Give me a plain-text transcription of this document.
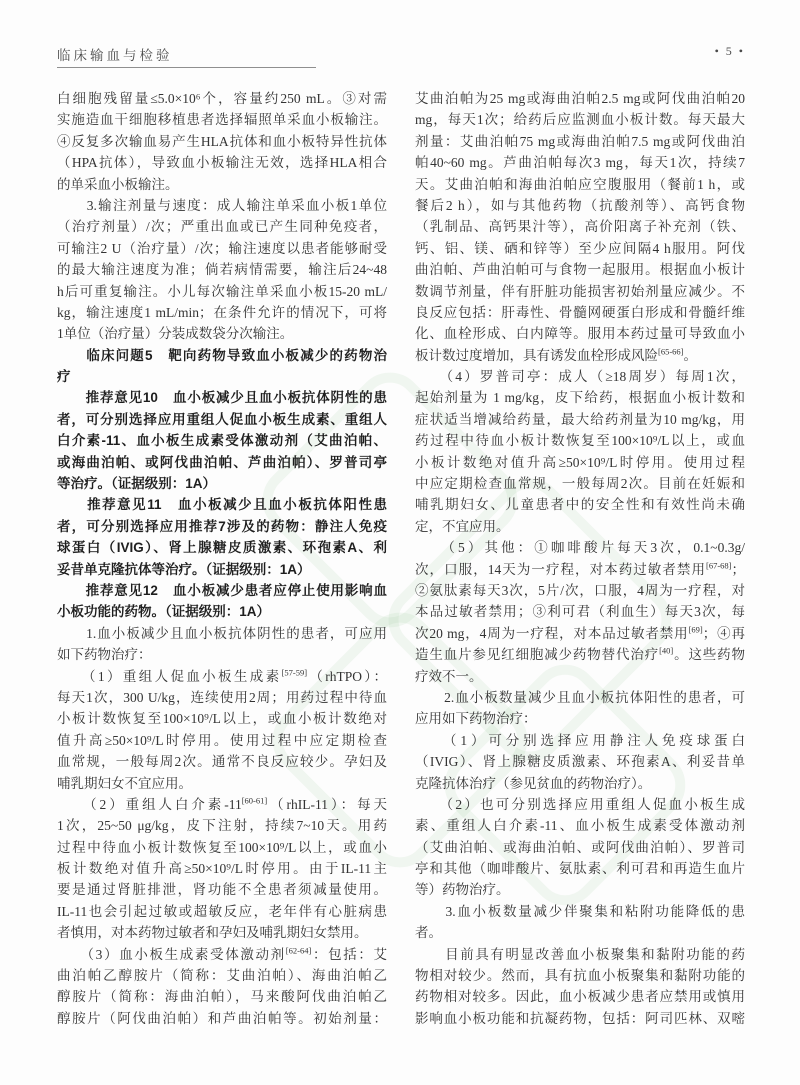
临床输血与检验	• 5 •
白细胞残留量≤5.0×10⁶个，容量约250 mL。③对需
实施造血干细胞移植患者选择辐照单采血小板输注。
④反复多次输血易产生HLA抗体和血小板特异性抗体
（HPA抗体），导致血小板输注无效，选择HLA相合
的单采血小板输注。
　　3.输注剂量与速度：成人输注单采血小板1单位
（治疗剂量）/次；严重出血或已产生同种免疫者，
可输注2 U（治疗量）/次；输注速度以患者能够耐受
的最大输注速度为准；倘若病情需要，输注后24~48
h后可重复输注。小儿每次输注单采血小板15-20 mL/
kg，输注速度1 mL/min；在条件允许的情况下，可将
1单位（治疗量）分装成数袋分次输注。
　　临床问题5　靶向药物导致血小板减少的药物治
疗
　　推荐意见10　血小板减少且血小板抗体阴性的患
者，可分别选择应用重组人促血小板生成素、重组人
白介素-11、血小板生成素受体激动剂（艾曲泊帕、
或海曲泊帕、或阿伐曲泊帕、芦曲泊帕）、罗普司亭
等治疗。（证据级别：1A）
　　推荐意见11　血小板减少且血小板抗体阳性患
者，可分别选择应用推荐7涉及的药物：静注人免疫
球蛋白（IVIG）、肾上腺糖皮质激素、环孢素A、利
妥昔单克隆抗体等治疗。（证据级别：1A）
　　推荐意见12　血小板减少患者应停止使用影响血
小板功能的药物。（证据级别：1A）
　　1.血小板减少且血小板抗体阴性的患者，可应用
如下药物治疗：
　　（1）重组人促血小板生成素[57-59]（rhTPO）：
每天1次，300 U/kg，连续使用2周；用药过程中待血
小板计数恢复至100×10⁹/L以上，或血小板计数绝对
值升高≥50×10⁹/L时停用。使用过程中应定期检查
血常规，一般每周2次。通常不良反应较少。孕妇及
哺乳期妇女不宜应用。
　　（2）重组人白介素-11[60-61]（rhIL-11）：每天
1次，25~50 μg/kg，皮下注射，持续7~10天。用药
过程中待血小板计数恢复至100×10⁹/L以上，或血小
板计数绝对值升高≥50×10⁹/L时停用。由于IL-11主
要是通过肾脏排泄，肾功能不全患者须减量使用。
IL-11也会引起过敏或超敏反应，老年伴有心脏病患
者慎用，对本药物过敏者和孕妇及哺乳期妇女禁用。
　　（3）血小板生成素受体激动剂[62-64]：包括：艾
曲泊帕乙醇胺片（简称：艾曲泊帕）、海曲泊帕乙
醇胺片（简称：海曲泊帕），马来酸阿伐曲泊帕乙
醇胺片（阿伐曲泊帕）和芦曲泊帕等。初始剂量：
艾曲泊帕为25 mg或海曲泊帕2.5 mg或阿伐曲泊帕20
mg，每天1次；给药后应监测血小板计数。每天最大
剂量：艾曲泊帕75 mg或海曲泊帕7.5 mg或阿伐曲泊
帕40~60 mg。芦曲泊帕每次3 mg，每天1次，持续7
天。艾曲泊帕和海曲泊帕应空腹服用（餐前1 h，或
餐后2 h），如与其他药物（抗酸剂等）、高钙食物
（乳制品、高钙果汁等），高价阳离子补充剂（铁、
钙、铝、镁、硒和锌等）至少应间隔4 h服用。阿伐
曲泊帕、芦曲泊帕可与食物一起服用。根据血小板计
数调节剂量，伴有肝脏功能损害初始剂量应减少。不
良反应包括：肝毒性、骨髓网硬蛋白形成和骨髓纤维
化、血栓形成、白内障等。服用本药过量可导致血小
板计数过度增加，具有诱发血栓形成风险[65-66]。
　　（4）罗普司亭：成人（≥18周岁）每周1次，
起始剂量为 1 mg/kg，皮下给药，根据血小板计数和
症状适当增减给药量，最大给药剂量为10 mg/kg，用
药过程中待血小板计数恢复至100×10⁹/L以上，或血
小板计数绝对值升高≥50×10⁹/L时停用。使用过程
中应定期检查血常规，一般每周2次。目前在妊娠和
哺乳期妇女、儿童患者中的安全性和有效性尚未确
定，不宜应用。
　　（5）其他：①咖啡酸片每天3次，0.1~0.3g/
次，口服，14天为一疗程，对本药过敏者禁用[67-68]；
②氨肽素每天3次，5片/次，口服，4周为一疗程，对
本品过敏者禁用；③利可君（利血生）每天3次，每
次20 mg，4周为一疗程，对本品过敏者禁用[69]；④再
造生血片参见红细胞减少药物替代治疗[40]。这些药物
疗效不一。
　　2.血小板数量减少且血小板抗体阳性的患者，可
应用如下药物治疗：
　　（1）可分别选择应用静注人免疫球蛋白
（IVIG）、肾上腺糖皮质激素、环孢素A、利妥昔单
克隆抗体治疗（参见贫血的药物治疗）。
　　（2）也可分别选择应用重组人促血小板生成
素、重组人白介素-11、血小板生成素受体激动剂
（艾曲泊帕、或海曲泊帕、或阿伐曲泊帕）、罗普司
亭和其他（咖啡酸片、氨肽素、利可君和再造生血片
等）药物治疗。
　　3.血小板数量减少伴聚集和粘附功能降低的患
者。
　　目前具有明显改善血小板聚集和黏附功能的药
物相对较少。然而，具有抗血小板聚集和黏附功能的
药物相对较多。因此，血小板减少患者应禁用或慎用
影响血小板功能和抗凝药物，包括：阿司匹林、双嘧
